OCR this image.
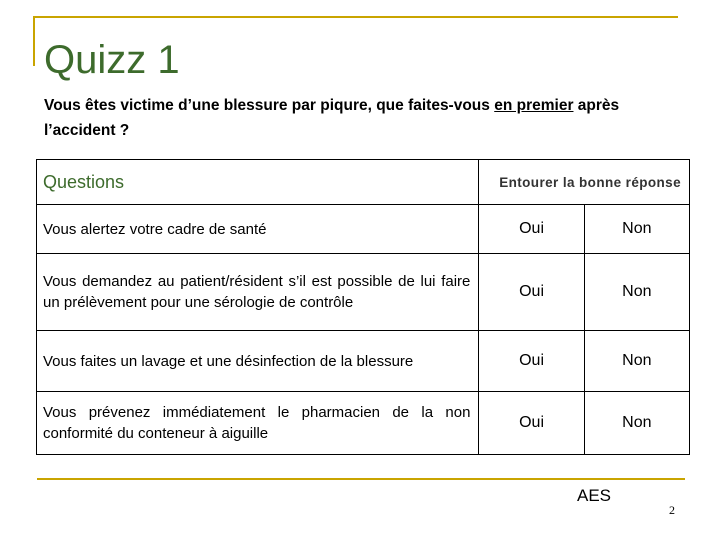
Quizz 1
Vous êtes victime d’une blessure par piqure, que faites-vous en premier après l’accident ?
Questions	Entourer la bonne réponse	
Vous alertez votre cadre de santé	Oui	Non
Vous demandez au patient/résident s’il est possible de lui faire un prélèvement pour une sérologie de contrôle	Oui	Non
Vous faites un lavage et une désinfection de la blessure	Oui	Non
Vous prévenez immédiatement le pharmacien de la non conformité du conteneur à aiguille	Oui	Non
AES
2
